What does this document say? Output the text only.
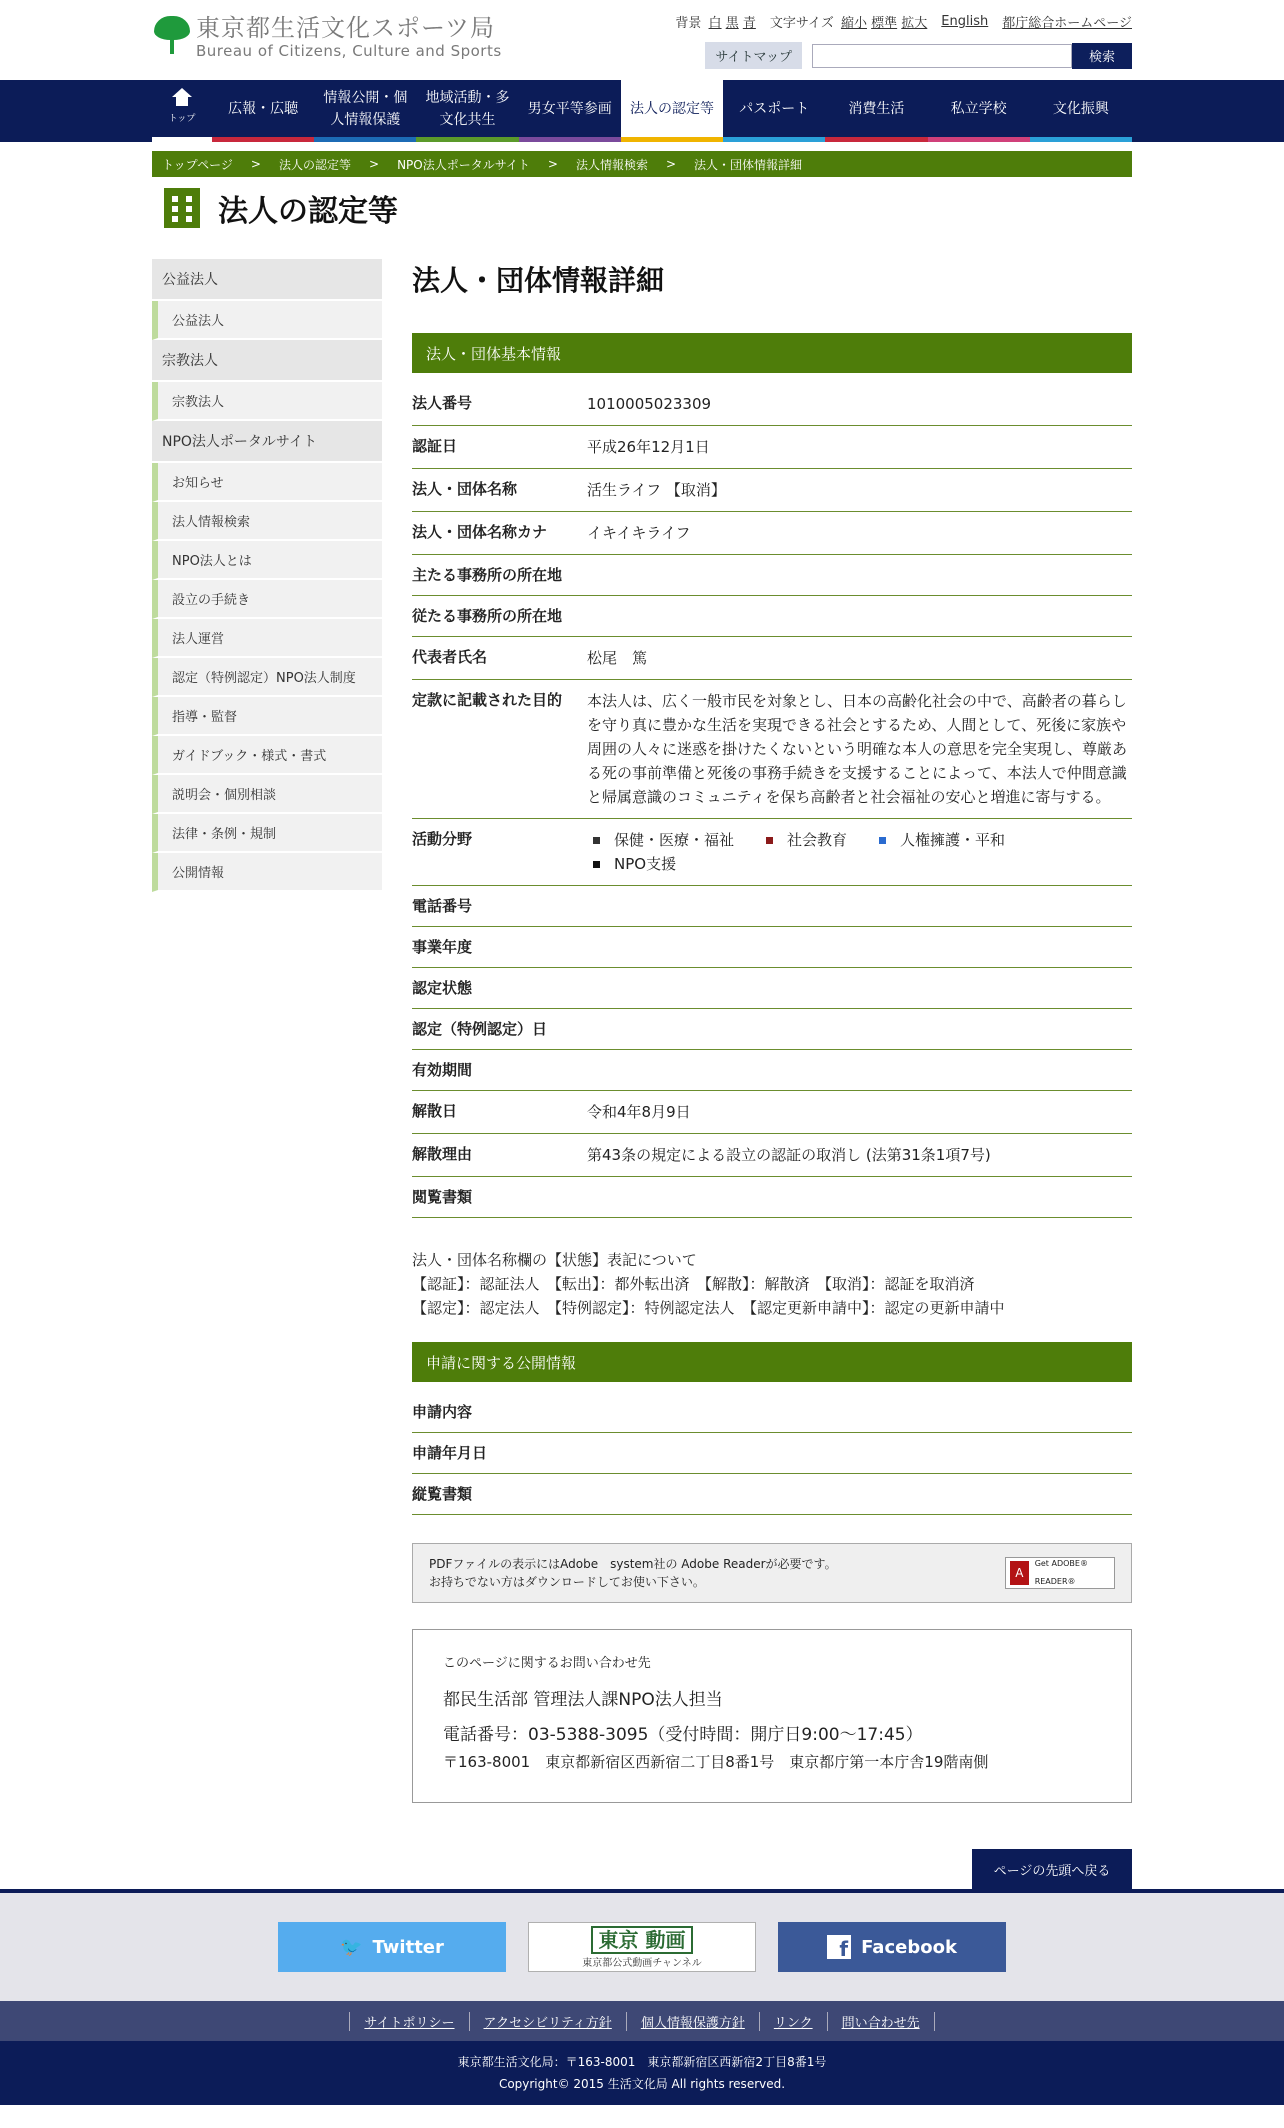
東京都生活文化スポーツ局
Bureau of Citizens, Culture and Sports
背景 白 黒 青 文字サイズ 縮小 標準 拡大 English 都庁総合ホームページ
サイトマップ	検索
トップ
広報・広聴
情報公開・個
人情報保護
地域活動・多
文化共生
男女平等参画 法人の認定等 パスポート	消費生活	私立学校	文化振興
トップページ > 法人の認定等 > NPO法人ポータルサイト > 法人情報検索 > 法人・団体情報詳細
法人の認定等
公益法人
公益法人
宗教法人
宗教法人
NPO法人ポータルサイト
お知らせ
法人情報検索
NPO法人とは
設立の手続き
法人運営
認定（特例認定）NPO法人制度
指導・監督
ガイドブック・様式・書式
説明会・個別相談
法律・条例・規制
公開情報
法人・団体情報詳細
法人・団体基本情報
法人番号	1010005023309
認証日	平成26年12月1日
法人・団体名称	活生ライフ 【取消】
法人・団体名称カナ	イキイキライフ
主たる事務所の所在地	
従たる事務所の所在地	
代表者氏名	松尾　篤
定款に記載された目的	本法人は、広く一般市民を対象とし、日本の高齢化社会の中で、高齢者の暮らしを守り真に豊かな生活を実現できる社会とするため、人間として、死後に家族や周囲の人々に迷惑を掛けたくないという明確な本人の意思を完全実現し、尊厳ある死の事前準備と死後の事務手続きを支援することによって、本法人で仲間意識と帰属意識のコミュニティを保ち高齢者と社会福祉の安心と増進に寄与する。
活動分野	保健・医療・福祉 社会教育 人権擁護・平和
NPO支援

電話番号	
事業年度	
認定状態	
認定（特例認定）日	
有効期間	
解散日	令和4年8月9日
解散理由	第43条の規定による設立の認証の取消し (法第31条1項7号)
閲覧書類	
法人・団体名称欄の【状態】表記について
【認証】：認証法人　【転出】：都外転出済　【解散】：解散済　【取消】：認証を取消済
【認定】：認定法人　【特例認定】：特例認定法人　【認定更新申請中】：認定の更新申請中
申請に関する公開情報
申請内容	
申請年月日	
縦覧書類	
PDFファイルの表示にはAdobe　system社の Adobe Readerが必要です。
お持ちでない方はダウンロードしてお使い下さい。
A
Get ADOBE® READER®
このページに関するお問い合わせ先
都民生活部 管理法人課NPO法人担当
電話番号：03-5388-3095（受付時間：開庁日9:00～17:45）
〒163-8001　東京都新宿区西新宿二丁目8番1号　東京都庁第一本庁舎19階南側
ページの先頭へ戻る
🐦 Twitter	東京 動画
東京都公式動画チャンネル
f Facebook
サイトポリシー	アクセシビリティ方針	個人情報保護方針	リンク	問い合わせ先
東京都生活文化局：〒163-8001　東京都新宿区西新宿2丁目8番1号
Copyright© 2015 生活文化局 All rights reserved.
